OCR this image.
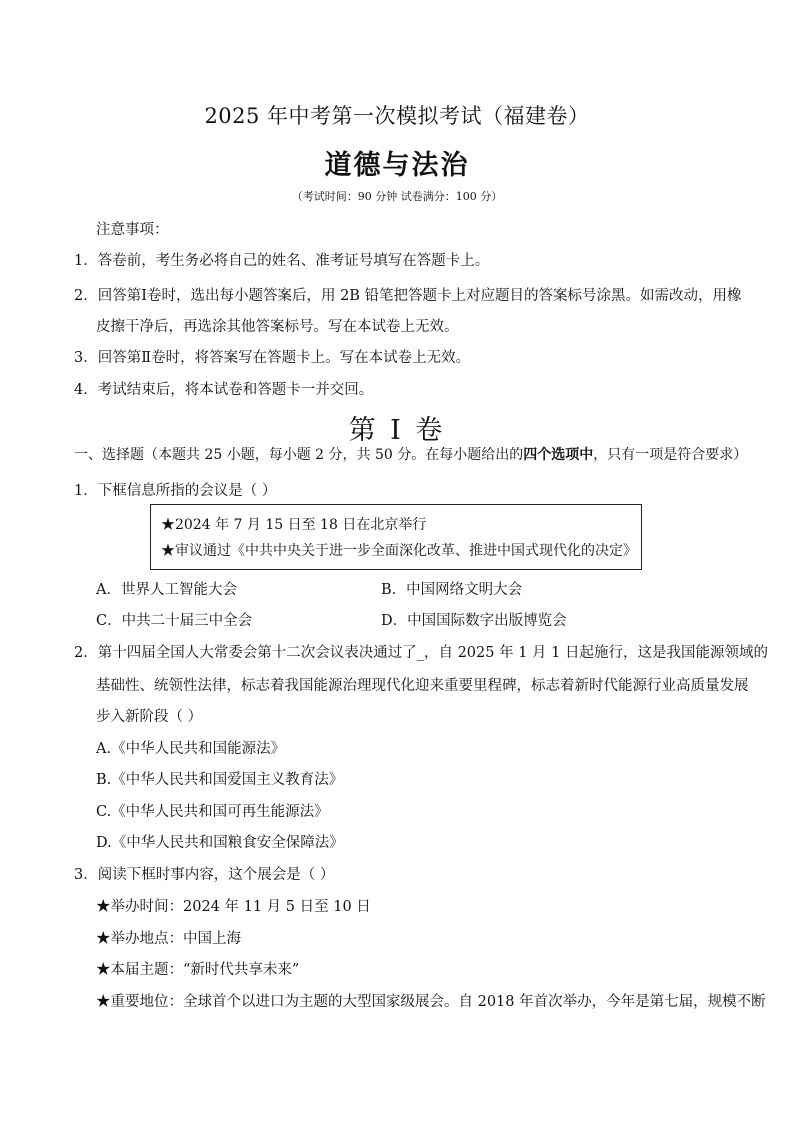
2025 年中考第一次模拟考试（福建卷）
道德与法治
（考试时间：90 分钟 试卷满分：100 分）
注意事项：
1．答卷前，考生务必将自己的姓名、准考证号填写在答题卡上。
2．回答第Ⅰ卷时，选出每小题答案后，用 2B 铅笔把答题卡上对应题目的答案标号涂黑。如需改动，用橡
皮擦干净后，再选涂其他答案标号。写在本试卷上无效。
3．回答第Ⅱ卷时，将答案写在答题卡上。写在本试卷上无效。
4．考试结束后，将本试卷和答题卡一并交回。
第 I 卷
一、选择题（本题共 25 小题，每小题 2 分，共 50 分。在每小题给出的四个选项中，只有一项是符合要求）
1．下框信息所指的会议是（ ）
★2024 年 7 月 15 日至 18 日在北京举行
★审议通过《中共中央关于进一步全面深化改革、推进中国式现代化的决定》
A．世界人工智能大会	B．中国网络文明大会
C．中共二十届三中全会	D．中国国际数字出版博览会
2．第十四届全国人大常委会第十二次会议表决通过了_，自 2025 年 1 月 1 日起施行，这是我国能源领域的
基础性、统领性法律，标志着我国能源治理现代化迎来重要里程碑，标志着新时代能源行业高质量发展
步入新阶段（ ）
A.《中华人民共和国能源法》
B.《中华人民共和国爱国主义教育法》
C.《中华人民共和国可再生能源法》
D.《中华人民共和国粮食安全保障法》
3．阅读下框时事内容，这个展会是（ ）
★举办时间：2024 年 11 月 5 日至 10 日
★举办地点：中国上海
★本届主题：“新时代共享未来”
★重要地位：全球首个以进口为主题的大型国家级展会。自 2018 年首次举办，今年是第七届，规模不断
